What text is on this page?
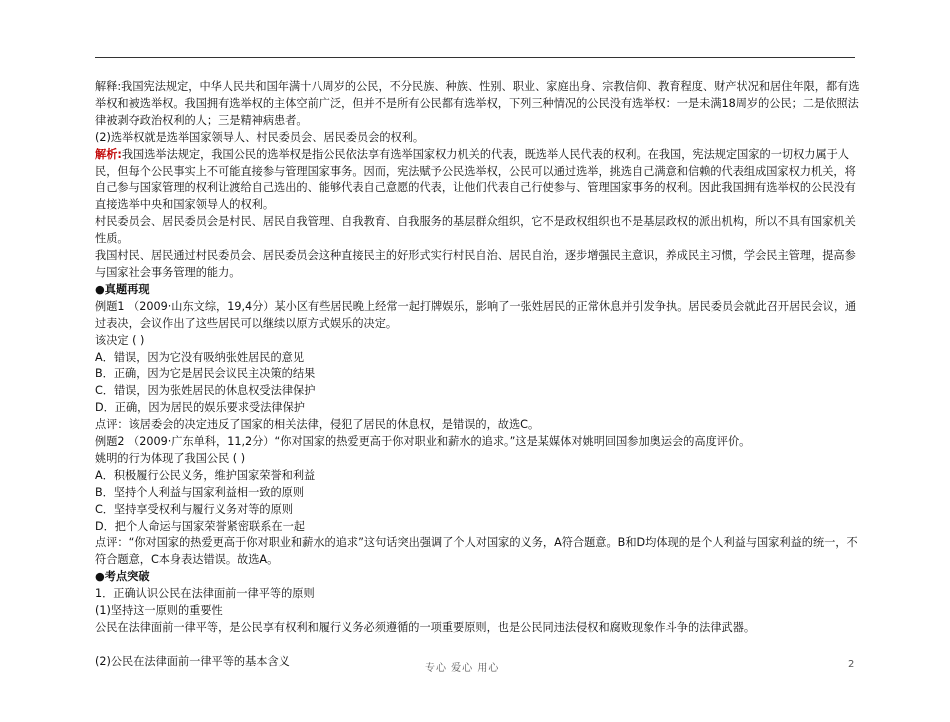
解释:我国宪法规定，中华人民共和国年满十八周岁的公民，不分民族、种族、性别、职业、家庭出身、宗教信仰、教育程度、财产状况和居住年限，都有选举权和被选举权。我国拥有选举权的主体空前广泛，但并不是所有公民都有选举权，下列三种情况的公民没有选举权：一是未满18周岁的公民；二是依照法律被剥夺政治权利的人；三是精神病患者。

(2)选举权就是选举国家领导人、村民委员会、居民委员会的权利。

解析:我国选举法规定，我国公民的选举权是指公民依法享有选举国家权力机关的代表，既选举人民代表的权利。在我国，宪法规定国家的一切权力属于人民，但每个公民事实上不可能直接参与管理国家事务。因而，宪法赋予公民选举权，公民可以通过选举，挑选自己满意和信赖的代表组成国家权力机关，将自己参与国家管理的权利让渡给自己选出的、能够代表自己意愿的代表，让他们代表自己行使参与、管理国家事务的权利。因此我国拥有选举权的公民没有直接选举中央和国家领导人的权利。

村民委员会、居民委员会是村民、居民自我管理、自我教育、自我服务的基层群众组织，它不是政权组织也不是基层政权的派出机构，所以不具有国家机关性质。

我国村民、居民通过村民委员会、居民委员会这种直接民主的好形式实行村民自治、居民自治，逐步增强民主意识，养成民主习惯，学会民主管理，提高参与国家社会事务管理的能力。

●真题再现

例题1 （2009·山东文综，19,4分）某小区有些居民晚上经常一起打牌娱乐，影响了一张姓居民的正常休息并引发争执。居民委员会就此召开居民会议，通过表决，会议作出了这些居民可以继续以原方式娱乐的决定。

该决定 ( )

A．错误，因为它没有吸纳张姓居民的意见

B．正确，因为它是居民会议民主决策的结果

C．错误，因为张姓居民的休息权受法律保护

D．正确，因为居民的娱乐要求受法律保护

点评：该居委会的决定违反了国家的相关法律，侵犯了居民的休息权，是错误的，故选C。

例题2 （2009·广东单科，11,2分）“你对国家的热爱更高于你对职业和薪水的追求。”这是某媒体对姚明回国参加奥运会的高度评价。

姚明的行为体现了我国公民 ( )

A．积极履行公民义务，维护国家荣誉和利益

B．坚持个人利益与国家利益相一致的原则

C．坚持享受权利与履行义务对等的原则

D．把个人命运与国家荣誉紧密联系在一起

点评：“你对国家的热爱更高于你对职业和薪水的追求”这句话突出强调了个人对国家的义务，A符合题意。B和D均体现的是个人利益与国家利益的统一，不符合题意，C本身表达错误。故选A。

●考点突破

1．正确认识公民在法律面前一律平等的原则

(1)坚持这一原则的重要性

公民在法律面前一律平等，是公民享有权利和履行义务必须遵循的一项重要原则，也是公民同违法侵权和腐败现象作斗争的法律武器。

(2)公民在法律面前一律平等的基本含义

专心 爱心 用心	2
